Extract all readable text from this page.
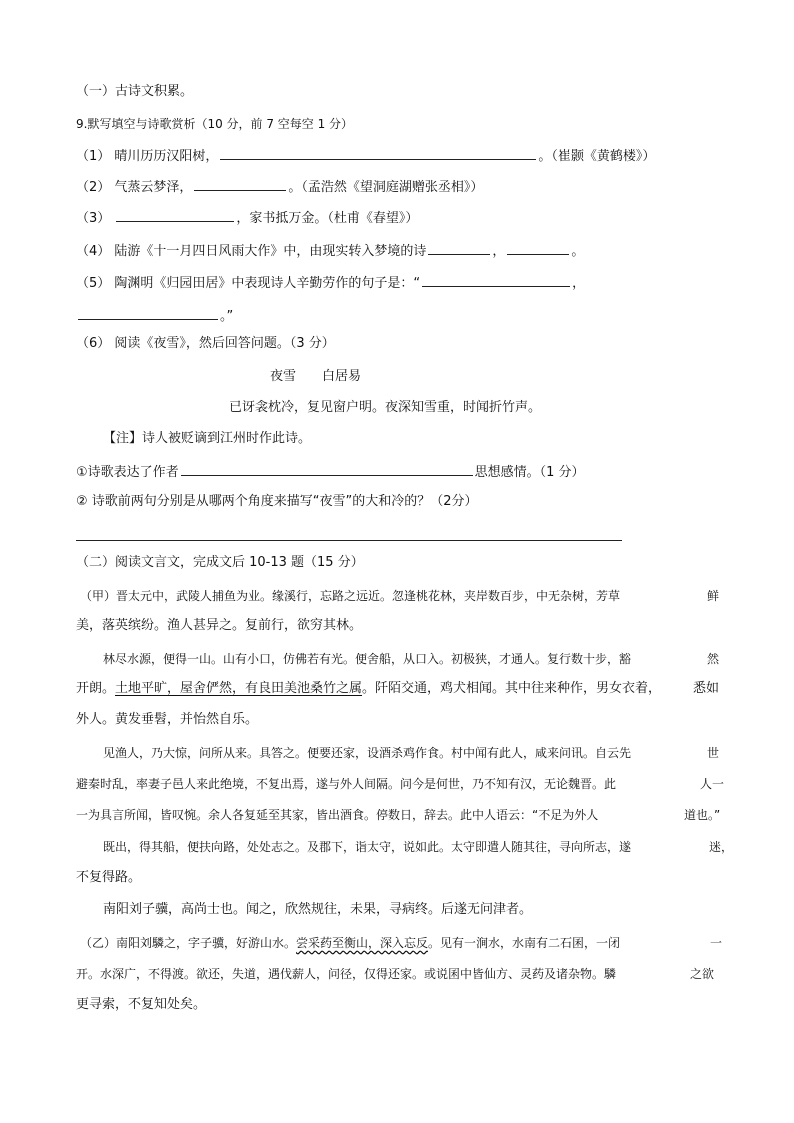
（一）古诗文积累。
9.默写填空与诗歌赏析（10 分，前 7 空每空 1 分）
（1） 晴川历历汉阳树，	。（崔颢《黄鹤楼》）
（2） 气蒸云梦泽，	。（孟浩然《望洞庭湖赠张丞相》）
（3）	，家书抵万金。（杜甫《春望》）
（4） 陆游《十一月四日风雨大作》中，由现实转入梦境的诗	，	。
（5） 陶渊明《归园田居》中表现诗人辛勤劳作的句子是：“	，
。”
（6） 阅读《夜雪》，然后回答问题。（3 分）
夜雪 白居易
已讶衾枕冷，复见窗户明。夜深知雪重，时闻折竹声。
【注】诗人被贬谪到江州时作此诗。
①诗歌表达了作者	思想感情。（1 分）
② 诗歌前两句分别是从哪两个角度来描写“夜雪”的大和冷的？（2分）
（二）阅读文言文，完成文后 10-13 题（15 分）
（甲）晋太元中，武陵人捕鱼为业。缘溪行，忘路之远近。忽逢桃花林，夹岸数百步，中无杂树，芳草	鲜
美，落英缤纷。渔人甚异之。复前行，欲穷其林。
林尽水源，便得一山。山有小口，仿佛若有光。便舍船，从口入。初极狭，才通人。复行数十步，豁	然
开朗。土地平旷，屋舍俨然，有良田美池桑竹之属。阡陌交通，鸡犬相闻。其中往来种作，男女衣着， 悉如
外人。黄发垂髫，并怡然自乐。
见渔人，乃大惊，问所从来。具答之。便要还家，设酒杀鸡作食。村中闻有此人，咸来问讯。自云先	世
避秦时乱，率妻子邑人来此绝境，不复出焉，遂与外人间隔。问今是何世，乃不知有汉，无论魏晋。此	人一
一为具言所闻，皆叹惋。余人各复延至其家，皆出酒食。停数日，辞去。此中人语云：“不足为外人	道也。”
既出，得其船，便扶向路，处处志之。及郡下，诣太守，说如此。太守即遣人随其往，寻向所志，遂	迷，
不复得路。
南阳刘子骥，高尚士也。闻之，欣然规往，未果，寻病终。后遂无问津者。
（乙）南阳刘驎之，字子骥，好游山水。尝采药至衡山，深入忘反。见有一涧水，水南有二石囷，一闭	一
开。水深广，不得渡。欲还，失道，遇伐薪人，问径，仅得还家。或说囷中皆仙方、灵药及诸杂物。驎	之欲
更寻索，不复知处矣。
